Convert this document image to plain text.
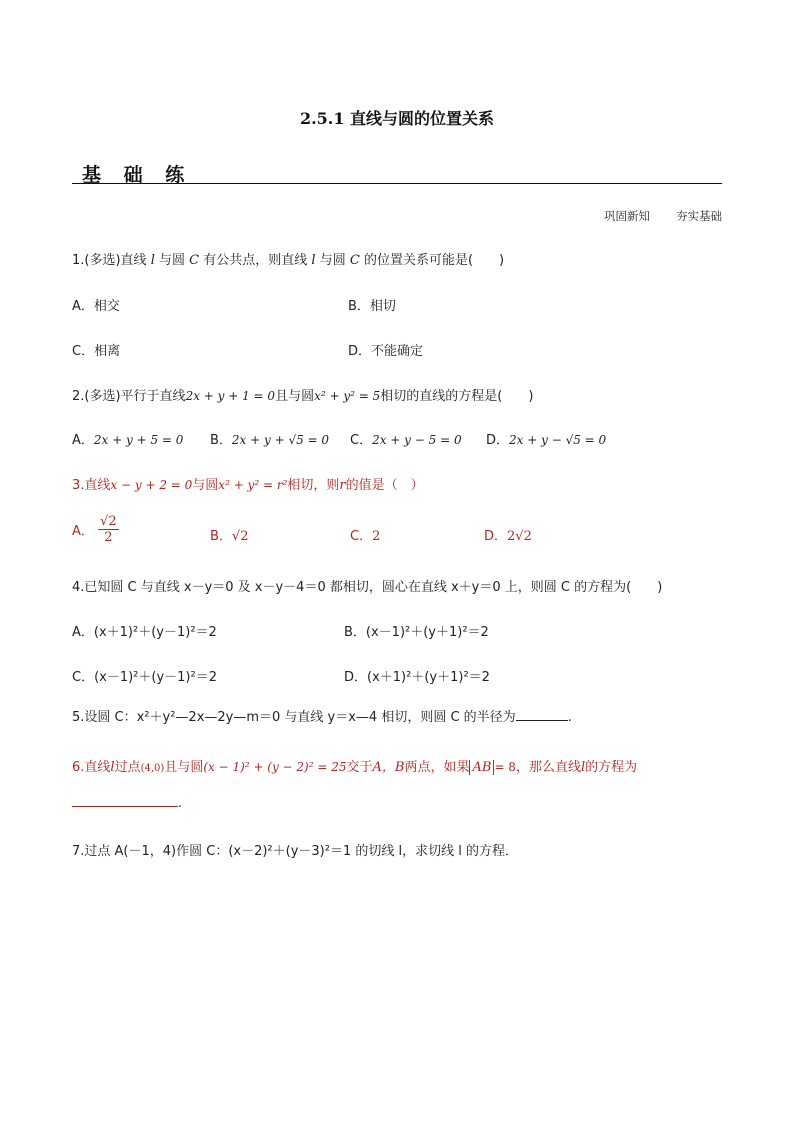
2.5.1 直线与圆的位置关系
基 础 练
巩固新知 夯实基础
1.(多选)直线 l 与圆 C 有公共点，则直线 l 与圆 C 的位置关系可能是(　　)
A．相交	B．相切
C．相离	D．不能确定
2.(多选)平行于直线2x + y + 1 = 0且与圆x² + y² = 5相切的直线的方程是(　　)
A．2x + y + 5 = 0 B．2x + y + √5 = 0 C．2x + y − 5 = 0 D．2x + y − √5 = 0
3.直线x − y + 2 = 0与圆x² + y² = r²相切，则r的值是（　）
A． $\frac{√2}{2}$	B．√2	C．2	D．2√2
4.已知圆 C 与直线 x－y＝0 及 x－y－4＝0 都相切，圆心在直线 x＋y＝0 上，则圆 C 的方程为(　　)
A．(x＋1)²＋(y－1)²＝2	B．(x－1)²＋(y＋1)²＝2
C．(x－1)²＋(y－1)²＝2	D．(x＋1)²＋(y＋1)²＝2
5.设圆 C：x²＋y²—2x—2y—m＝0 与直线 y＝x—4 相切，则圆 C 的半径为	.
6.直线l过点(4,0)且与圆(x − 1)² + (y − 2)² = 25交于A，B两点，如果 AB = 8，那么直线l的方程为
.
7.过点 A(－1，4)作圆 C：(x－2)²＋(y－3)²＝1 的切线 l，求切线 l 的方程．
